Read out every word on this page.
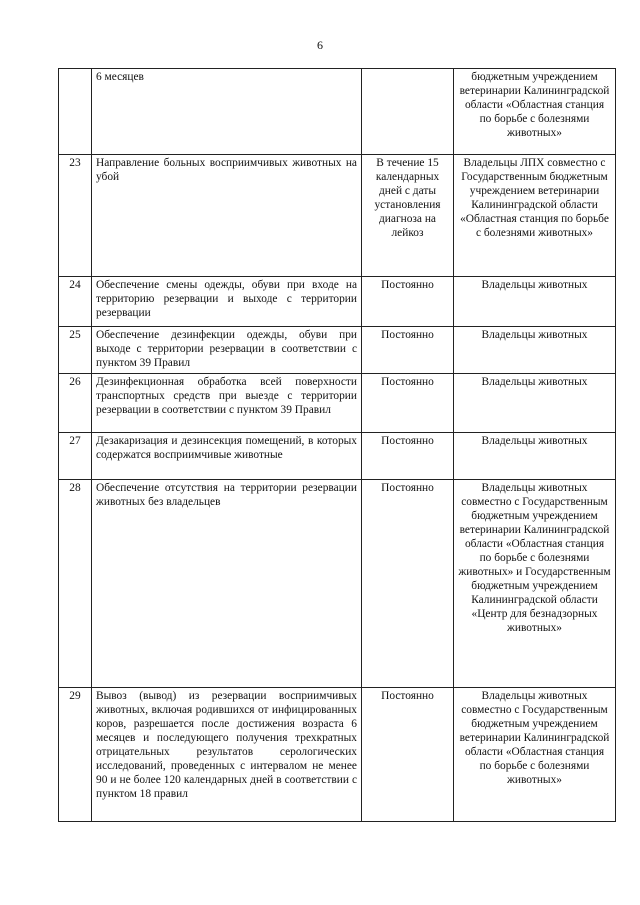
6
	6 месяцев		бюджетным учреждением ветеринарии Калининградской области «Областная станция по борьбе с болезнями животных»
23	Направление больных восприимчивых животных на убой	В течение 15 календарных дней с даты установления диагноза на лейкоз	Владельцы ЛПХ совместно с Государственным бюджетным учреждением ветеринарии Калининградской области «Областная станция по борьбе с болезнями животных»
24	Обеспечение смены одежды, обуви при входе на территорию резервации и выходе с территории резервации	Постоянно	Владельцы животных
25	Обеспечение дезинфекции одежды, обуви при выходе с территории резервации в соответствии с пунктом 39 Правил	Постоянно	Владельцы животных
26	Дезинфекционная обработка всей поверхности транспортных средств при выезде с территории резервации в соответствии с пунктом 39 Правил	Постоянно	Владельцы животных
27	Дезакаризация и дезинсекция помещений, в которых содержатся восприимчивые животные	Постоянно	Владельцы животных
28	Обеспечение отсутствия на территории резервации животных без владельцев	Постоянно	Владельцы животных совместно с Государственным бюджетным учреждением ветеринарии Калининградской области «Областная станция по борьбе с болезнями животных» и Государственным бюджетным учреждением Калининградской области «Центр для безнадзорных животных»
29	Вывоз (вывод) из резервации восприимчивых животных, включая родившихся от инфицированных коров, разрешается после достижения возраста 6 месяцев и последующего получения трехкратных отрицательных результатов серологических исследований, проведенных с интервалом не менее 90 и не более 120 календарных дней в соответствии с пунктом 18 правил	Постоянно	Владельцы животных совместно с Государственным бюджетным учреждением ветеринарии Калининградской области «Областная станция по борьбе с болезнями животных»
